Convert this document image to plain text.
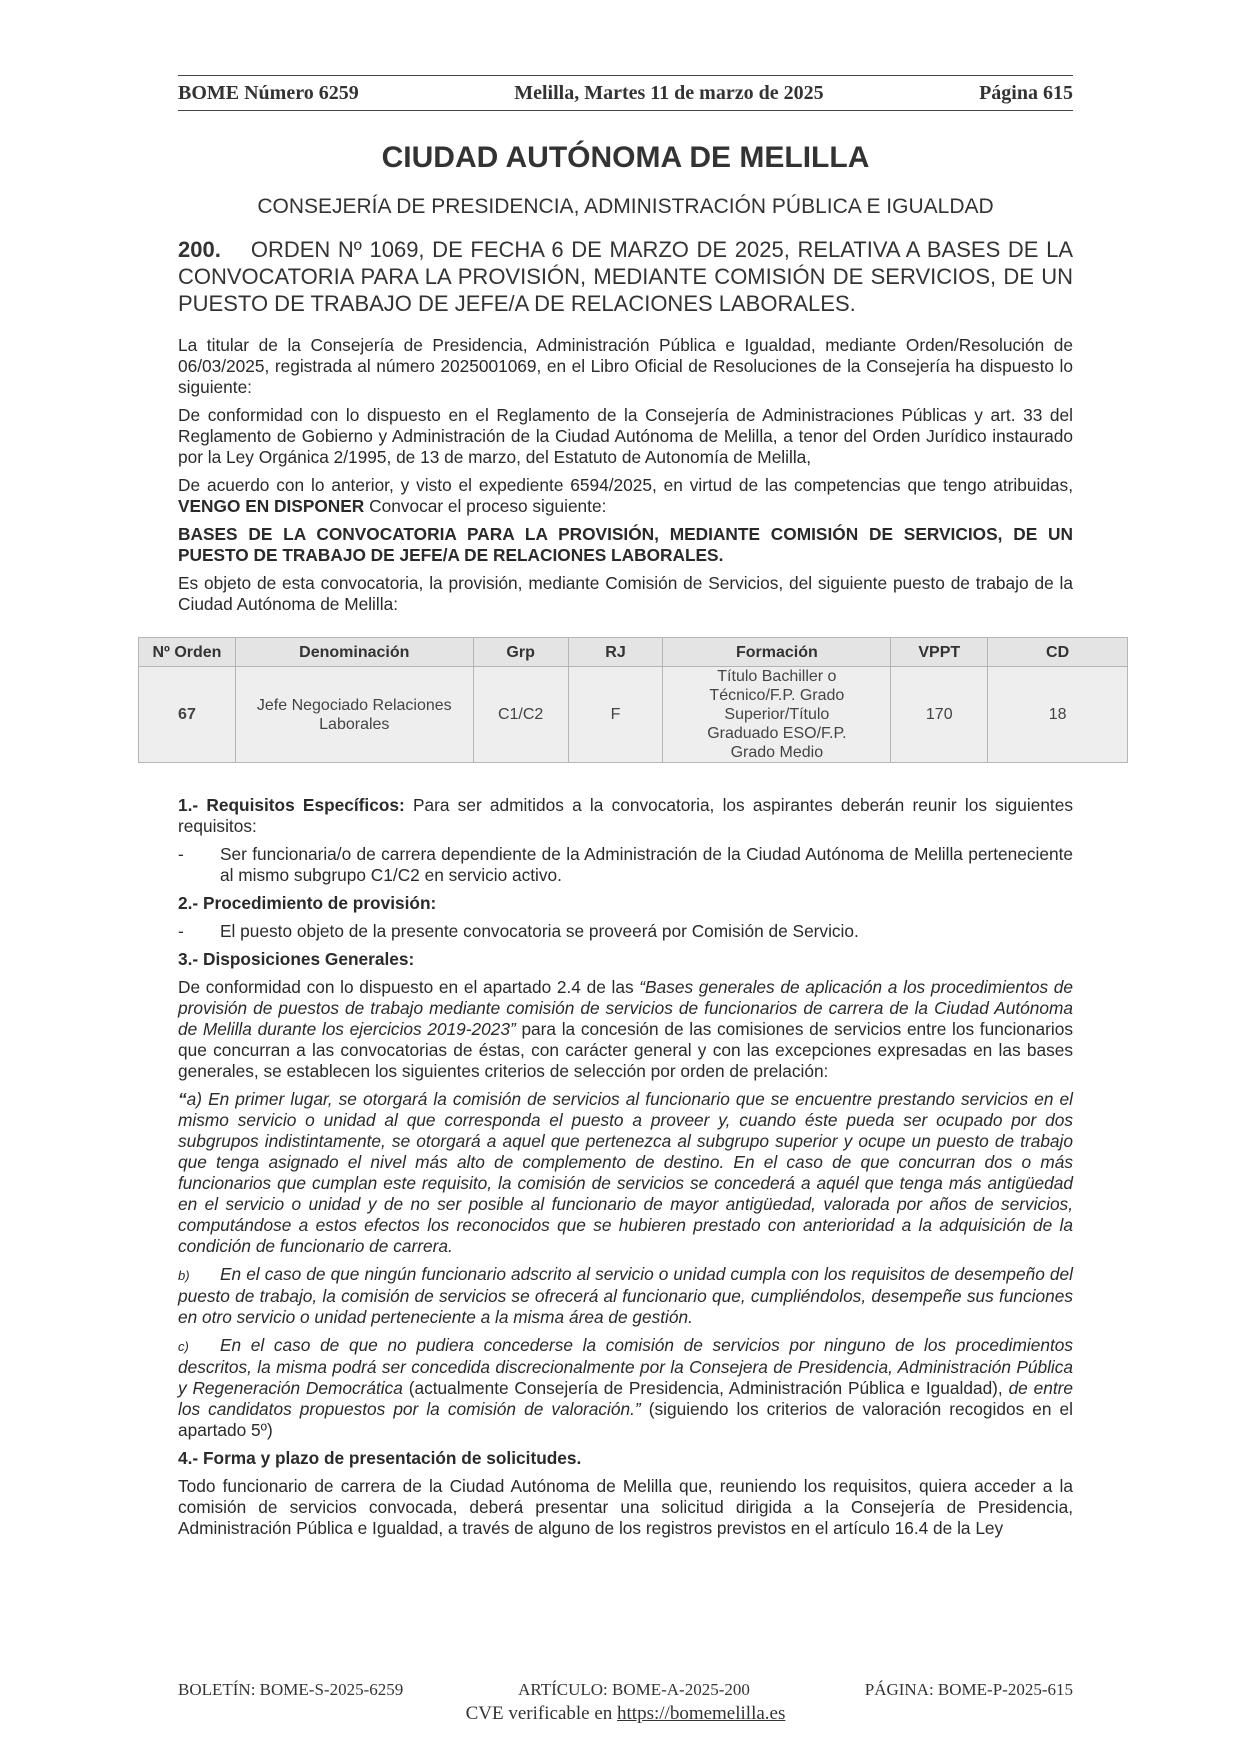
BOME Número 6259	Melilla, Martes 11 de marzo de 2025	Página 615
CIUDAD AUTÓNOMA DE MELILLA
CONSEJERÍA DE PRESIDENCIA, ADMINISTRACIÓN PÚBLICA E IGUALDAD
200. ORDEN Nº 1069, DE FECHA 6 DE MARZO DE 2025, RELATIVA A BASES DE LA CONVOCATORIA PARA LA PROVISIÓN, MEDIANTE COMISIÓN DE SERVICIOS, DE UN PUESTO DE TRABAJO DE JEFE/A DE RELACIONES LABORALES.

La titular de la Consejería de Presidencia, Administración Pública e Igualdad, mediante Orden/Resolución de 06/03/2025, registrada al número 2025001069, en el Libro Oficial de Resoluciones de la Consejería ha dispuesto lo siguiente:

De conformidad con lo dispuesto en el Reglamento de la Consejería de Administraciones Públicas y art. 33 del Reglamento de Gobierno y Administración de la Ciudad Autónoma de Melilla, a tenor del Orden Jurídico instaurado por la Ley Orgánica 2/1995, de 13 de marzo, del Estatuto de Autonomía de Melilla,

De acuerdo con lo anterior, y visto el expediente 6594/2025, en virtud de las competencias que tengo atribuidas, VENGO EN DISPONER Convocar el proceso siguiente:

BASES DE LA CONVOCATORIA PARA LA PROVISIÓN, MEDIANTE COMISIÓN DE SERVICIOS, DE UN PUESTO DE TRABAJO DE JEFE/A DE RELACIONES LABORALES.

Es objeto de esta convocatoria, la provisión, mediante Comisión de Servicios, del siguiente puesto de trabajo de la Ciudad Autónoma de Melilla:

Nº Orden	Denominación	Grp	RJ	Formación	VPPT	CD
67	Jefe Negociado Relaciones Laborales	C1/C2	F	Título Bachiller o Técnico/F.P. Grado Superior/Título Graduado ESO/F.P. Grado Medio	170	18

1.- Requisitos Específicos: Para ser admitidos a la convocatoria, los aspirantes deberán reunir los siguientes requisitos:

-	Ser funcionaria/o de carrera dependiente de la Administración de la Ciudad Autónoma de Melilla perteneciente al mismo subgrupo C1/C2 en servicio activo.

2.- Procedimiento de provisión:

-	El puesto objeto de la presente convocatoria se proveerá por Comisión de Servicio.

3.- Disposiciones Generales:

De conformidad con lo dispuesto en el apartado 2.4 de las “Bases generales de aplicación a los procedimientos de provisión de puestos de trabajo mediante comisión de servicios de funcionarios de carrera de la Ciudad Autónoma de Melilla durante los ejercicios 2019-2023” para la concesión de las comisiones de servicios entre los funcionarios que concurran a las convocatorias de éstas, con carácter general y con las excepciones expresadas en las bases generales, se establecen los siguientes criterios de selección por orden de prelación:

“a) En primer lugar, se otorgará la comisión de servicios al funcionario que se encuentre prestando servicios en el mismo servicio o unidad al que corresponda el puesto a proveer y, cuando éste pueda ser ocupado por dos subgrupos indistintamente, se otorgará a aquel que pertenezca al subgrupo superior y ocupe un puesto de trabajo que tenga asignado el nivel más alto de complemento de destino. En el caso de que concurran dos o más funcionarios que cumplan este requisito, la comisión de servicios se concederá a aquél que tenga más antigüedad en el servicio o unidad y de no ser posible al funcionario de mayor antigüedad, valorada por años de servicios, computándose a estos efectos los reconocidos que se hubieren prestado con anterioridad a la adquisición de la condición de funcionario de carrera.

b) En el caso de que ningún funcionario adscrito al servicio o unidad cumpla con los requisitos de desempeño del puesto de trabajo, la comisión de servicios se ofrecerá al funcionario que, cumpliéndolos, desempeñe sus funciones en otro servicio o unidad perteneciente a la misma área de gestión.
c) En el caso de que no pudiera concederse la comisión de servicios por ninguno de los procedimientos descritos, la misma podrá ser concedida discrecionalmente por la Consejera de Presidencia, Administración Pública y Regeneración Democrática (actualmente Consejería de Presidencia, Administración Pública e Igualdad), de entre los candidatos propuestos por la comisión de valoración.” (siguiendo los criterios de valoración recogidos en el apartado 5º)

4.- Forma y plazo de presentación de solicitudes.

Todo funcionario de carrera de la Ciudad Autónoma de Melilla que, reuniendo los requisitos, quiera acceder a la comisión de servicios convocada, deberá presentar una solicitud dirigida a la Consejería de Presidencia, Administración Pública e Igualdad, a través de alguno de los registros previstos en el artículo 16.4 de la Ley

BOLETÍN: BOME-S-2025-6259	ARTÍCULO: BOME-A-2025-200	PÁGINA: BOME-P-2025-615
CVE verificable en https://bomemelilla.es
